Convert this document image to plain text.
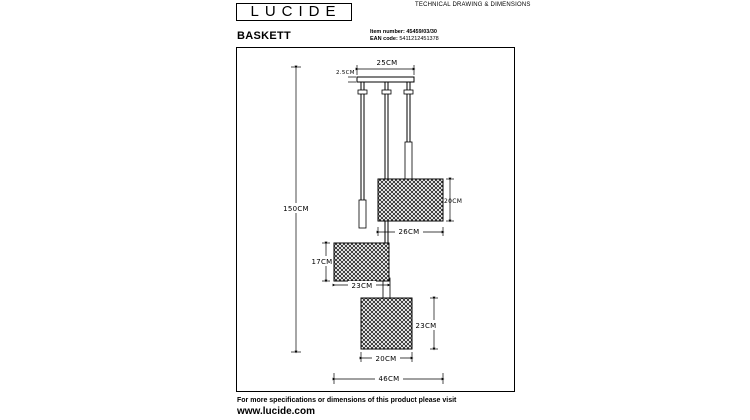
LUCIDE	TECHNICAL DRAWING & DIMENSIONS
BASKETT	Item number: 45459/03/30
EAN code: 5411212451378
25CM
2.5CM
150CM
20CM
26CM
17CM
23CM
23CM
20CM
46CM
For more specifications or dimensions of this product please visit
www.lucide.com
